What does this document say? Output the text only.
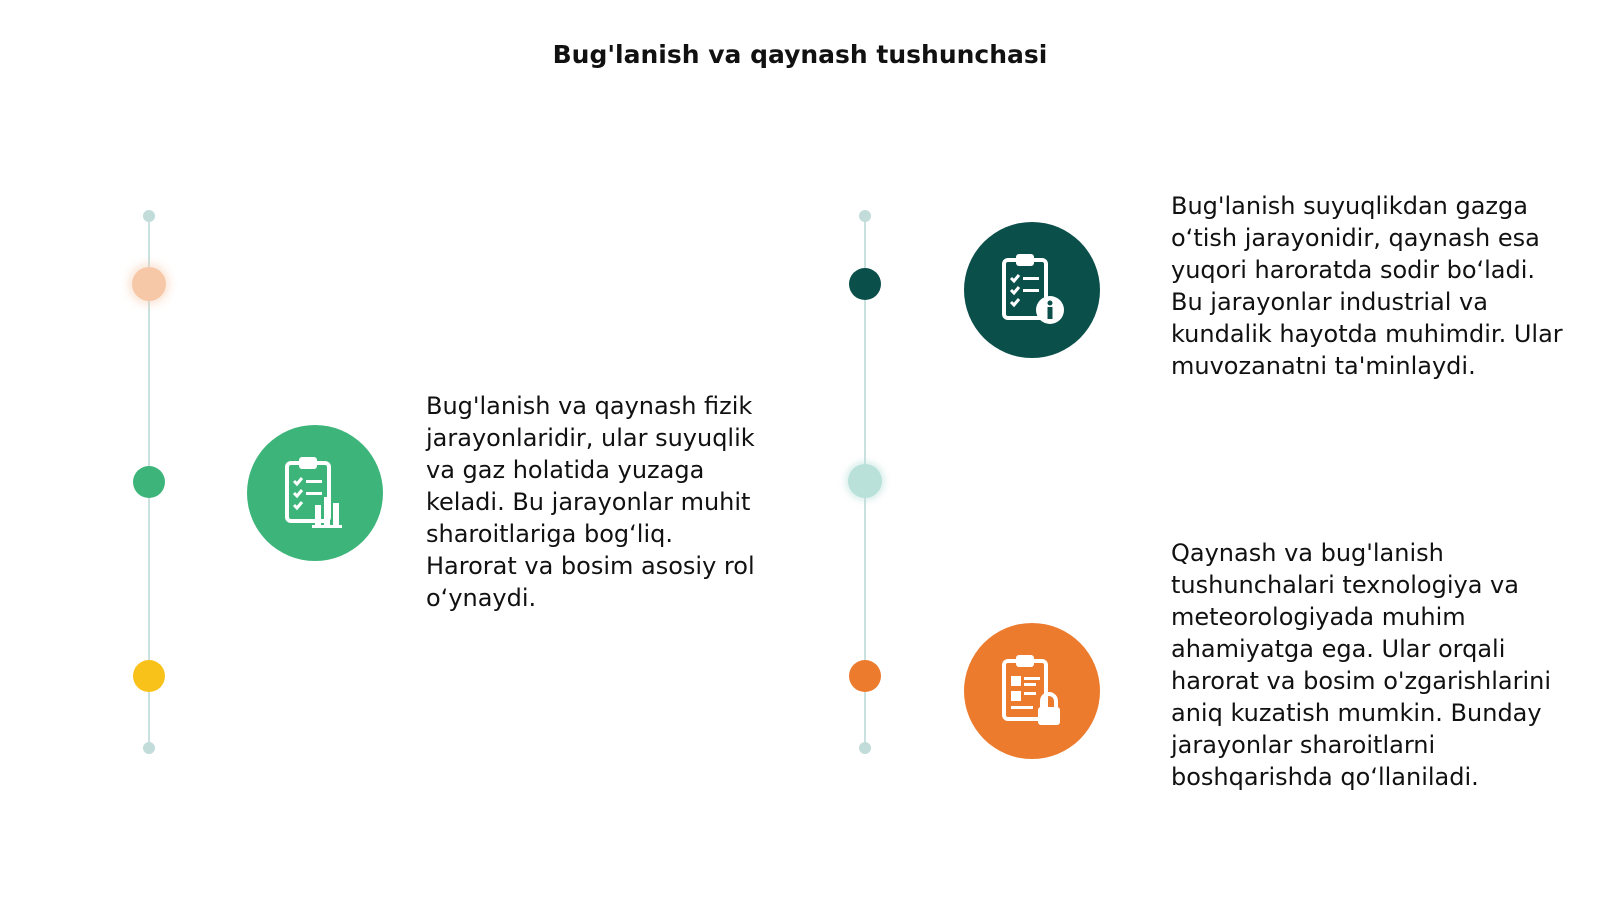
Bug'lanish va qaynash tushunchasi
Bug'lanish va qaynash fizik jarayonlaridir, ular suyuqlik va gaz holatida yuzaga keladi. Bu jarayonlar muhit sharoitlariga bog‘liq. Harorat va bosim asosiy rol o‘ynaydi.
Bug'lanish suyuqlikdan gazga o‘tish jarayonidir, qaynash esa yuqori haroratda sodir bo‘ladi. Bu jarayonlar industrial va kundalik hayotda muhimdir. Ular muvozanatni ta'minlaydi.
Qaynash va bug'lanish tushunchalari texnologiya va meteorologiyada muhim ahamiyatga ega. Ular orqali harorat va bosim o'zgarishlarini aniq kuzatish mumkin. Bunday jarayonlar sharoitlarni boshqarishda qo‘llaniladi.
